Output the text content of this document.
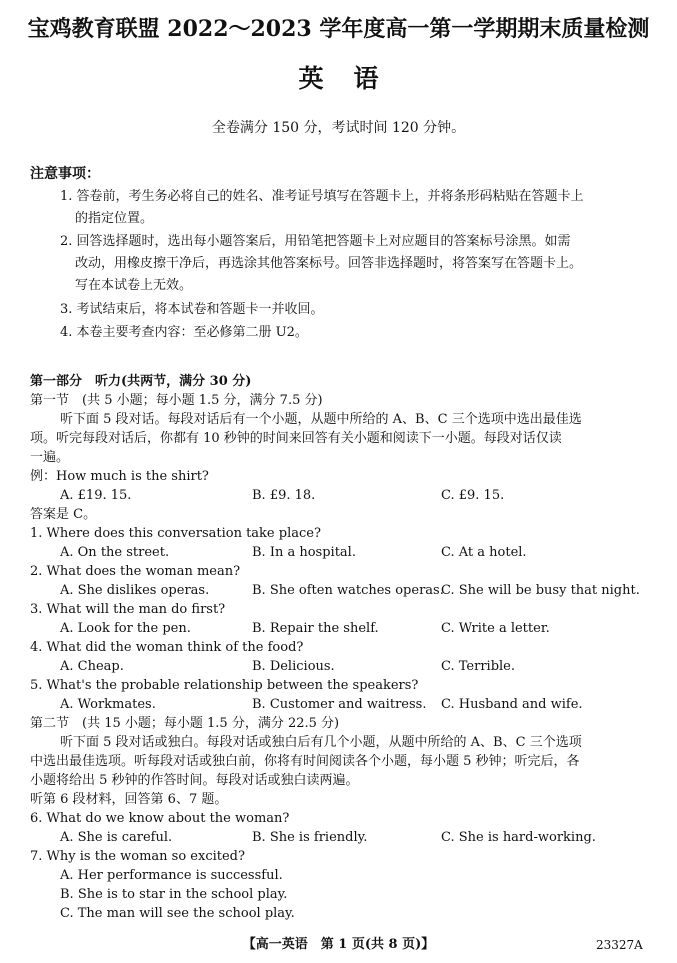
宝鸡教育联盟 2022～2023 学年度高一第一学期期末质量检测
英语
全卷满分 150 分，考试时间 120 分钟。
注意事项：
1. 答卷前，考生务必将自己的姓名、准考证号填写在答题卡上，并将条形码粘贴在答题卡上
的指定位置。
2. 回答选择题时，选出每小题答案后，用铅笔把答题卡上对应题目的答案标号涂黑。如需
改动，用橡皮擦干净后，再选涂其他答案标号。回答非选择题时，将答案写在答题卡上。
写在本试卷上无效。
3. 考试结束后，将本试卷和答题卡一并收回。
4. 本卷主要考查内容：至必修第二册 U2。
第一部分　听力(共两节，满分 30 分)
第一节　(共 5 小题；每小题 1.5 分，满分 7.5 分)
听下面 5 段对话。每段对话后有一个小题，从题中所给的 A、B、C 三个选项中选出最佳选
项。听完每段对话后，你都有 10 秒钟的时间来回答有关小题和阅读下一小题。每段对话仅读
一遍。
例：How much is the shirt?
A. £19. 15.	B. £9. 18.	C. £9. 15.
答案是 C。
1. Where does this conversation take place?
A. On the street.	B. In a hospital.	C. At a hotel.
2. What does the woman mean?
A. She dislikes operas.	B. She often watches operas.
C. She will be busy that night.
3. What will the man do first?
A. Look for the pen.	B. Repair the shelf.	C. Write a letter.
4. What did the woman think of the food?
A. Cheap.	B. Delicious.	C. Terrible.
5. What's the probable relationship between the speakers?
A. Workmates.	B. Customer and waitress. C. Husband and wife.
第二节　(共 15 小题；每小题 1.5 分，满分 22.5 分)
听下面 5 段对话或独白。每段对话或独白后有几个小题，从题中所给的 A、B、C 三个选项
中选出最佳选项。听每段对话或独白前，你将有时间阅读各个小题，每小题 5 秒钟；听完后，各
小题将给出 5 秒钟的作答时间。每段对话或独白读两遍。
听第 6 段材料，回答第 6、7 题。
6. What do we know about the woman?
A. She is careful.	B. She is friendly.	C. She is hard-working.
7. Why is the woman so excited?
A. Her performance is successful.
B. She is to star in the school play.
C. The man will see the school play.
【高一英语　第 1 页(共 8 页)】	23327A
